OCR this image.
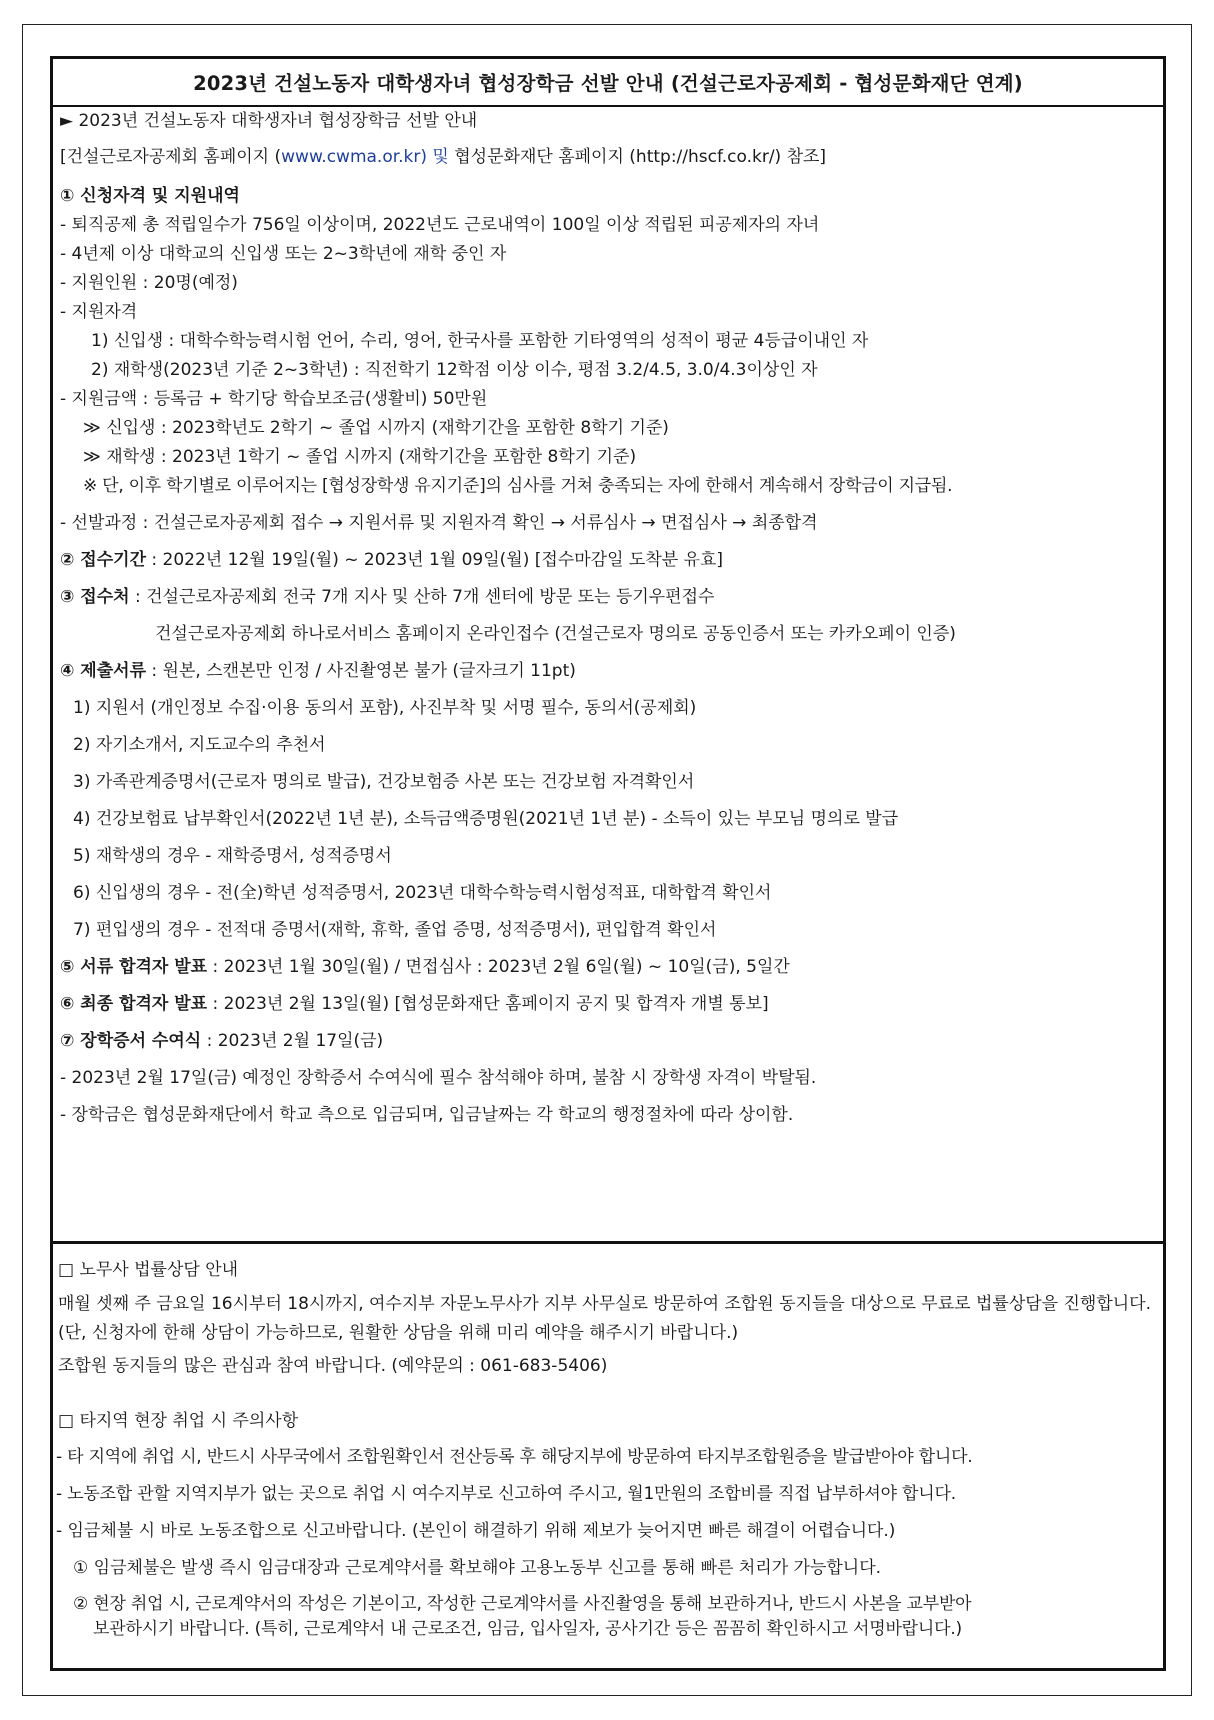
2023년 건설노동자 대학생자녀 협성장학금 선발 안내 (건설근로자공제회 - 협성문화재단 연계)
► 2023년 건설노동자 대학생자녀 협성장학금 선발 안내
[건설근로자공제회 홈페이지 (www.cwma.or.kr) 및 협성문화재단 홈페이지 (http://hscf.co.kr/) 참조]
① 신청자격 및 지원내역
- 퇴직공제 총 적립일수가 756일 이상이며, 2022년도 근로내역이 100일 이상 적립된 피공제자의 자녀
- 4년제 이상 대학교의 신입생 또는 2~3학년에 재학 중인 자
- 지원인원 : 20명(예정)
- 지원자격
1) 신입생 : 대학수학능력시험 언어, 수리, 영어, 한국사를 포함한 기타영역의 성적이 평균 4등급이내인 자
2) 재학생(2023년 기준 2~3학년) : 직전학기 12학점 이상 이수, 평점 3.2/4.5, 3.0/4.3이상인 자
- 지원금액 : 등록금 + 학기당 학습보조금(생활비) 50만원
≫ 신입생 : 2023학년도 2학기 ~ 졸업 시까지 (재학기간을 포함한 8학기 기준)
≫ 재학생 : 2023년 1학기 ~ 졸업 시까지 (재학기간을 포함한 8학기 기준)
※ 단, 이후 학기별로 이루어지는 [협성장학생 유지기준]의 심사를 거쳐 충족되는 자에 한해서 계속해서 장학금이 지급됨.
- 선발과정 : 건설근로자공제회 접수 → 지원서류 및 지원자격 확인 → 서류심사 → 면접심사 → 최종합격
② 접수기간 : 2022년 12월 19일(월) ~ 2023년 1월 09일(월) [접수마감일 도착분 유효]
③ 접수처 : 건설근로자공제회 전국 7개 지사 및 산하 7개 센터에 방문 또는 등기우편접수
건설근로자공제회 하나로서비스 홈페이지 온라인접수 (건설근로자 명의로 공동인증서 또는 카카오페이 인증)
④ 제출서류 : 원본, 스캔본만 인정 / 사진촬영본 불가 (글자크기 11pt)
1) 지원서 (개인정보 수집·이용 동의서 포함), 사진부착 및 서명 필수, 동의서(공제회)
2) 자기소개서, 지도교수의 추천서
3) 가족관계증명서(근로자 명의로 발급), 건강보험증 사본 또는 건강보험 자격확인서
4) 건강보험료 납부확인서(2022년 1년 분), 소득금액증명원(2021년 1년 분) - 소득이 있는 부모님 명의로 발급
5) 재학생의 경우 - 재학증명서, 성적증명서
6) 신입생의 경우 - 전(全)학년 성적증명서, 2023년 대학수학능력시험성적표, 대학합격 확인서
7) 편입생의 경우 - 전적대 증명서(재학, 휴학, 졸업 증명, 성적증명서), 편입합격 확인서
⑤ 서류 합격자 발표 : 2023년 1월 30일(월) / 면접심사 : 2023년 2월 6일(월) ~ 10일(금), 5일간
⑥ 최종 합격자 발표 : 2023년 2월 13일(월) [협성문화재단 홈페이지 공지 및 합격자 개별 통보]
⑦ 장학증서 수여식 : 2023년 2월 17일(금)
- 2023년 2월 17일(금) 예정인 장학증서 수여식에 필수 참석해야 하며, 불참 시 장학생 자격이 박탈됨.
- 장학금은 협성문화재단에서 학교 측으로 입금되며, 입금날짜는 각 학교의 행정절차에 따라 상이함.
□ 노무사 법률상담 안내
매월 셋째 주 금요일 16시부터 18시까지, 여수지부 자문노무사가 지부 사무실로 방문하여 조합원 동지들을 대상으로 무료로 법률상담을 진행합니다. (단, 신청자에 한해 상담이 가능하므로, 원활한 상담을 위해 미리 예약을 해주시기 바랍니다.)
조합원 동지들의 많은 관심과 참여 바랍니다. (예약문의 : 061-683-5406)
□ 타지역 현장 취업 시 주의사항
- 타 지역에 취업 시, 반드시 사무국에서 조합원확인서 전산등록 후 해당지부에 방문하여 타지부조합원증을 발급받아야 합니다.
- 노동조합 관할 지역지부가 없는 곳으로 취업 시 여수지부로 신고하여 주시고, 월1만원의 조합비를 직접 납부하셔야 합니다.
- 임금체불 시 바로 노동조합으로 신고바랍니다. (본인이 해결하기 위해 제보가 늦어지면 빠른 해결이 어렵습니다.)
① 임금체불은 발생 즉시 임금대장과 근로계약서를 확보해야 고용노동부 신고를 통해 빠른 처리가 가능합니다.
② 현장 취업 시, 근로계약서의 작성은 기본이고, 작성한 근로계약서를 사진촬영을 통해 보관하거나, 반드시 사본을 교부받아
보관하시기 바랍니다. (특히, 근로계약서 내 근로조건, 임금, 입사일자, 공사기간 등은 꼼꼼히 확인하시고 서명바랍니다.)
